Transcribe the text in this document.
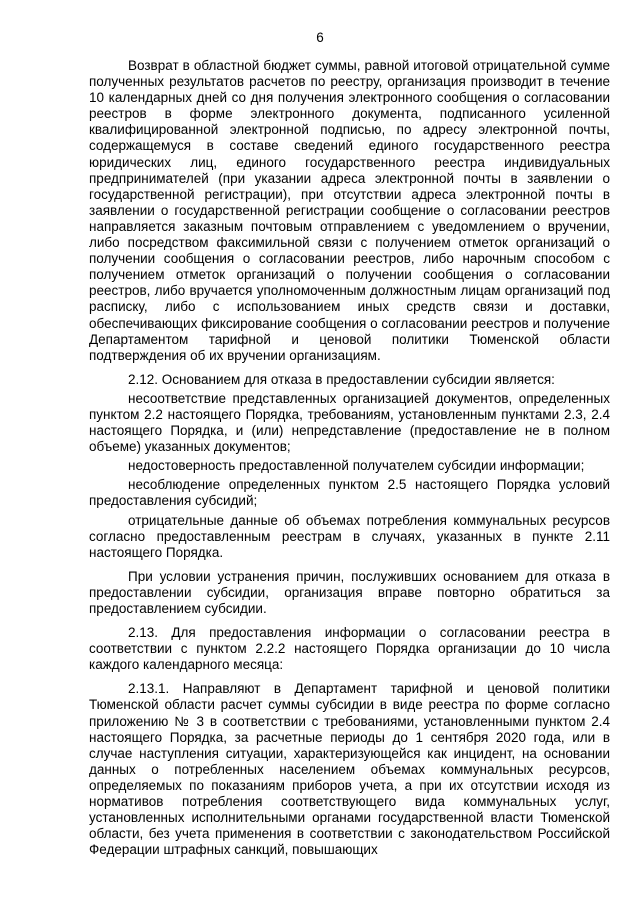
6

Возврат в областной бюджет суммы, равной итоговой отрицательной сумме полученных результатов расчетов по реестру, организация производит в течение 10 календарных дней со дня получения электронного сообщения о согласовании реестров в форме электронного документа, подписанного усиленной квалифицированной электронной подписью, по адресу электронной почты, содержащемуся в составе сведений единого государственного реестра юридических лиц, единого государственного реестра индивидуальных предпринимателей (при указании адреса электронной почты в заявлении о государственной регистрации), при отсутствии адреса электронной почты в заявлении о государственной регистрации сообщение о согласовании реестров направляется заказным почтовым отправлением с уведомлением о вручении, либо посредством факсимильной связи с получением отметок организаций о получении сообщения о согласовании реестров, либо нарочным способом с получением отметок организаций о получении сообщения о согласовании реестров, либо вручается уполномоченным должностным лицам организаций под расписку, либо с использованием иных средств связи и доставки, обеспечивающих фиксирование сообщения о согласовании реестров и получение Департаментом тарифной и ценовой политики Тюменской области подтверждения об их вручении организациям.

2.12. Основанием для отказа в предоставлении субсидии является:

несоответствие представленных организацией документов, определенных пунктом 2.2 настоящего Порядка, требованиям, установленным пунктами 2.3, 2.4 настоящего Порядка, и (или) непредставление (предоставление не в полном объеме) указанных документов;

недостоверность предоставленной получателем субсидии информации;

несоблюдение определенных пунктом 2.5 настоящего Порядка условий предоставления субсидий;

отрицательные данные об объемах потребления коммунальных ресурсов согласно предоставленным реестрам в случаях, указанных в пункте 2.11 настоящего Порядка.

При условии устранения причин, послуживших основанием для отказа в предоставлении субсидии, организация вправе повторно обратиться за предоставлением субсидии.

2.13. Для предоставления информации о согласовании реестра в соответствии с пунктом 2.2.2 настоящего Порядка организации до 10 числа каждого календарного месяца:

2.13.1. Направляют в Департамент тарифной и ценовой политики Тюменской области расчет суммы субсидии в виде реестра по форме согласно приложению № 3 в соответствии с требованиями, установленными пунктом 2.4 настоящего Порядка, за расчетные периоды до 1 сентября 2020 года, или в случае наступления ситуации, характеризующейся как инцидент, на основании данных о потребленных населением объемах коммунальных ресурсов, определяемых по показаниям приборов учета, а при их отсутствии исходя из нормативов потребления соответствующего вида коммунальных услуг, установленных исполнительными органами государственной власти Тюменской области, без учета применения в соответствии с законодательством Российской Федерации штрафных санкций, повышающих
